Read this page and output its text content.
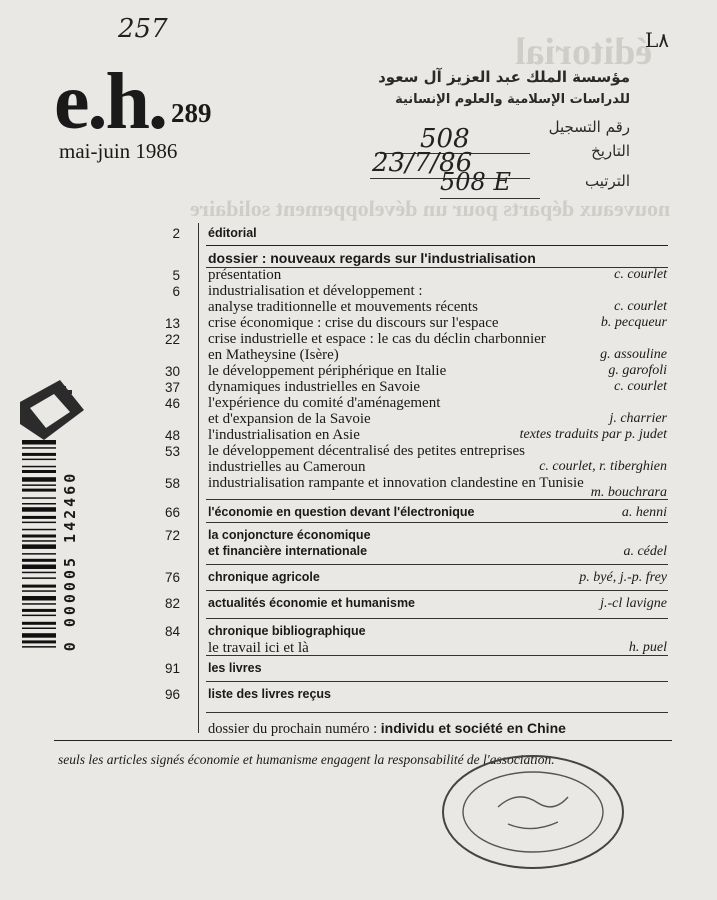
éditorial
nouveaux départs pour un développement solidaire
257	L۸
e.h. 289
mai-juin 1986
مؤسسة الملك عبد العزيز آل سعود
للدراسات الإسلامية والعلوم الإنسانية
رقم التسجيل
508	التاريخ
23/7/86
الترتيب
508 E
0 000005 142460
2 éditorial
dossier : nouveaux regards sur l'industrialisation
5 présentation	c. courlet
6 industrialisation et développement :
analyse traditionnelle et mouvements récents	c. courlet
13 crise économique : crise du discours sur l'espace	b. pecqueur
22 crise industrielle et espace : le cas du déclin charbonnier
en Matheysine (Isère)	g. assouline
30 le développement périphérique en Italie	g. garofoli
37 dynamiques industrielles en Savoie	c. courlet
46 l'expérience du comité d'aménagement
et d'expansion de la Savoie	j. charrier
48 l'industrialisation en Asie	textes traduits par p. judet
53 le développement décentralisé des petites entreprises
industrielles au Cameroun	c. courlet, r. tiberghien
58 industrialisation rampante et innovation clandestine en Tunisie
m. bouchrara
66 l'économie en question devant l'électronique	a. henni
72 la conjoncture économique
et financière internationale	a. cédel
76 chronique agricole	p. byé, j.-p. frey
82 actualités économie et humanisme	j.-cl lavigne
84 chronique bibliographique
le travail ici et là	h. puel
91 les livres
96 liste des livres reçus
dossier du prochain numéro : individu et société en Chine
seuls les articles signés économie et humanisme engagent la responsabilité de l'association.
